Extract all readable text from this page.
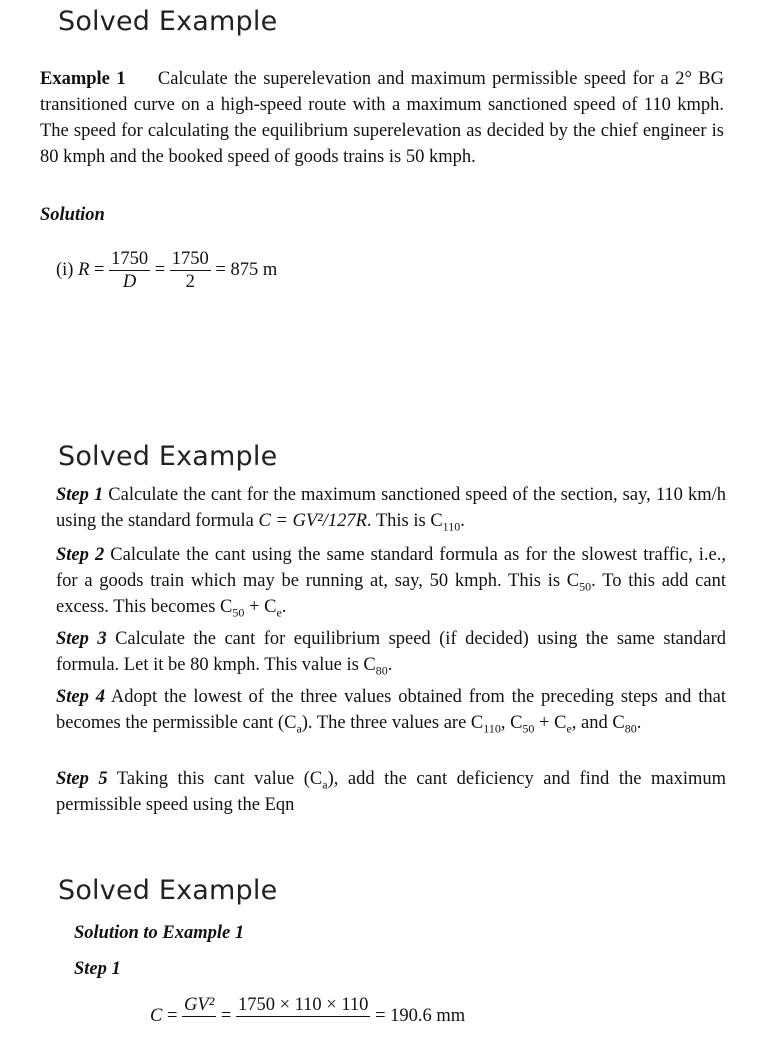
Solved Example

Example 1 Calculate the superelevation and maximum permissible speed for a 2° BG transitioned curve on a high-speed route with a maximum sanctioned speed of 110 kmph. The speed for calculating the equilibrium superelevation as decided by the chief engineer is 80 kmph and the booked speed of goods trains is 50 kmph.

Solution

(i) $R = \frac{1750}{D} = \frac{1750}{2} = 875$ m
Solved Example

Step 1 Calculate the cant for the maximum sanctioned speed of the section, say, 110 km/h using the standard formula C = GV²/127R. This is $C_{110}$.

Step 2 Calculate the cant using the same standard formula as for the slowest traffic, i.e., for a goods train which may be running at, say, 50 kmph. This is $C_{50}$. To this add cant excess. This becomes $C_{50} + C_e$.

Step 3 Calculate the cant for equilibrium speed (if decided) using the same standard formula. Let it be 80 kmph. This value is $C_{80}$.

Step 4 Adopt the lowest of the three values obtained from the preceding steps and that becomes the permissible cant $(C_a)$. The three values are $C_{110}$, $C_{50} + C_e$, and $C_{80}$.

Step 5 Taking this cant value $(C_a)$, add the cant deficiency and find the maximum permissible speed using the Eqn

Solved Example

Solution to Example 1

Step 1

C =
GV²

=
1750 × 110 × 110

= 190.6 mm
